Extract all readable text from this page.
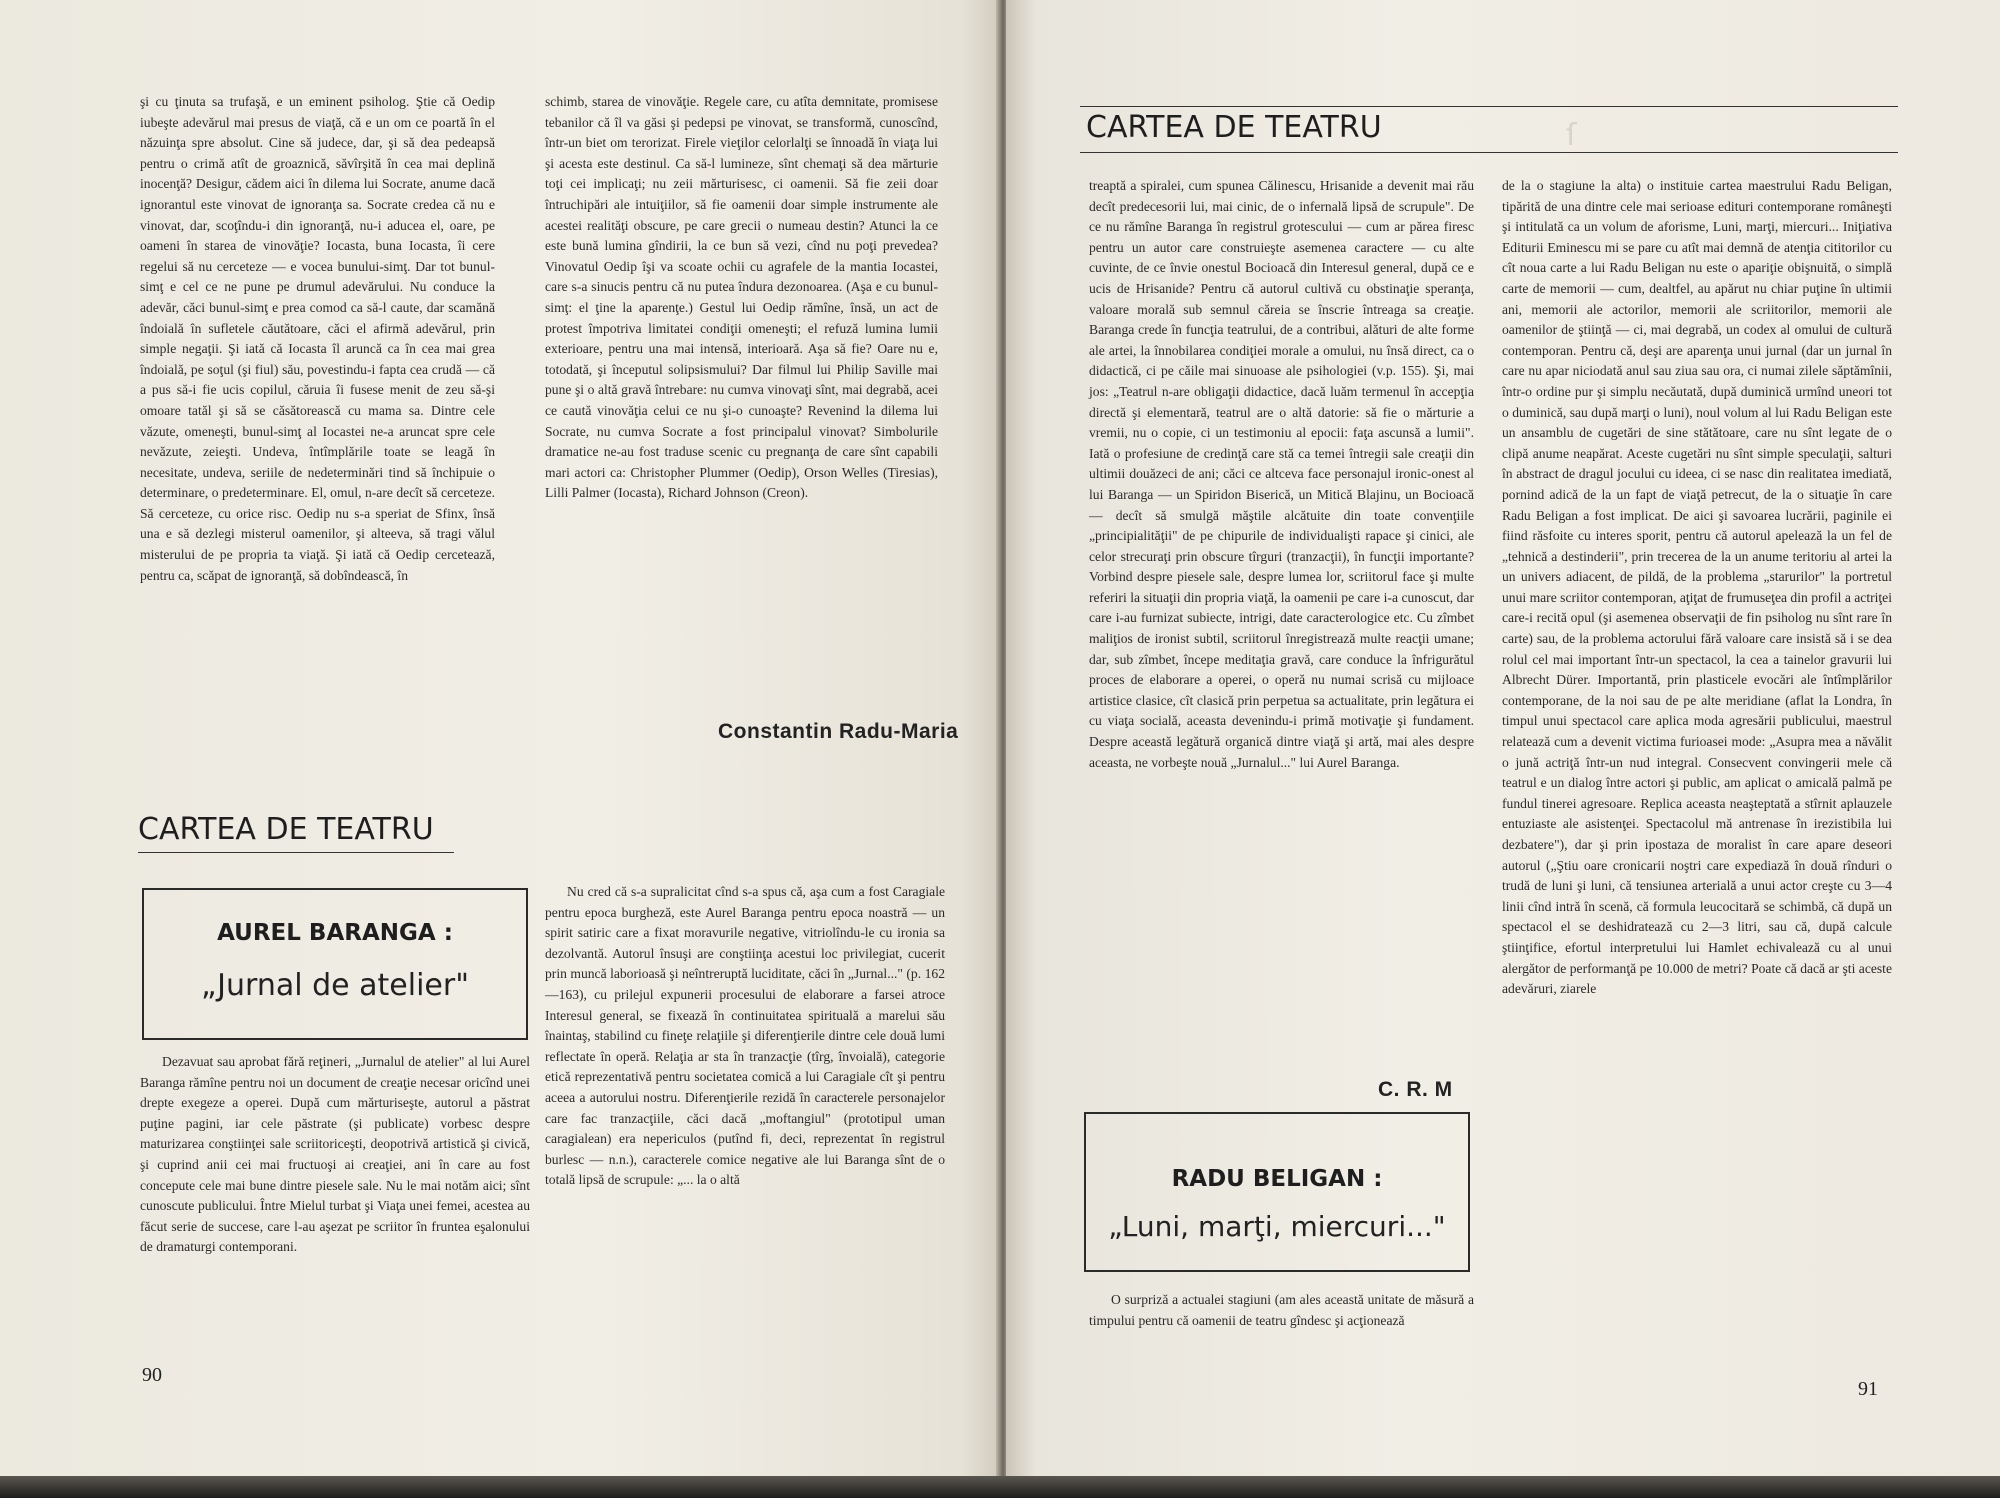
şi cu ţinuta sa trufaşă, e un eminent psiholog. Ştie că Oedip iubeşte adevărul mai presus de viaţă, că e un om ce poartă în el năzuinţa spre absolut. Cine să judece, dar, şi să dea pedeapsă pentru o crimă atît de groaznică, săvîrşită în cea mai deplină inocenţă? Desigur, cădem aici în dilema lui Socrate, anume dacă ignorantul este vinovat de ignoranţa sa. Socrate credea că nu e vinovat, dar, scoţîndu-i din ignoranţă, nu-i aducea el, oare, pe oameni în starea de vinovăţie? Iocasta, buna Iocasta, îi cere regelui să nu cerceteze — e vocea bunului-simţ. Dar tot bunul-simţ e cel ce ne pune pe drumul adevărului. Nu conduce la adevăr, căci bunul-simţ e prea comod ca să-l caute, dar scamănă îndoială în sufletele căutătoare, căci el afirmă adevărul, prin simple negaţii. Şi iată că Iocasta îl aruncă ca în cea mai grea îndoială, pe soţul (şi fiul) său, povestindu-i fapta cea crudă — că a pus să-i fie ucis copilul, căruia îi fusese menit de zeu să-şi omoare tatăl şi să se căsătorească cu mama sa. Dintre cele văzute, omeneşti, bunul-simţ al Iocastei ne-a aruncat spre cele nevăzute, zeieşti. Undeva, întîmplările toate se leagă în necesitate, undeva, seriile de nedeterminări tind să închipuie o determinare, o predeterminare. El, omul, n-are decît să cerceteze. Să cerceteze, cu orice risc. Oedip nu s-a speriat de Sfinx, însă una e să dezlegi misterul oamenilor, şi alteeva, să tragi vălul misterului de pe propria ta viaţă. Şi iată că Oedip cercetează, pentru ca, scăpat de ignoranţă, să dobîndească, în

schimb, starea de vinovăţie. Regele care, cu atîta demnitate, promisese tebanilor că îl va găsi şi pedepsi pe vinovat, se transformă, cunoscînd, într-un biet om terorizat. Firele vieţilor celorlalţi se înnoadă în viaţa lui şi acesta este destinul. Ca să-l lumineze, sînt chemaţi să dea mărturie toţi cei implicaţi; nu zeii mărturisesc, ci oamenii. Să fie zeii doar întruchipări ale intuiţiilor, să fie oamenii doar simple instrumente ale acestei realităţi obscure, pe care grecii o numeau destin? Atunci la ce este bună lumina gîndirii, la ce bun să vezi, cînd nu poţi prevedea? Vinovatul Oedip îşi va scoate ochii cu agrafele de la mantia Iocastei, care s-a sinucis pentru că nu putea îndura dezonoarea. (Aşa e cu bunul-simţ: el ţine la aparenţe.) Gestul lui Oedip rămîne, însă, un act de protest împotriva limitatei condiţii omeneşti; el refuză lumina lumii exterioare, pentru una mai intensă, interioară. Aşa să fie? Oare nu e, totodată, şi începutul solipsismului? Dar filmul lui Philip Saville mai pune şi o altă gravă întrebare: nu cumva vinovaţi sînt, mai degrabă, acei ce caută vinovăţia celui ce nu şi-o cunoaşte? Revenind la dilema lui Socrate, nu cumva Socrate a fost principalul vinovat? Simbolurile dramatice ne-au fost traduse scenic cu pregnanţa de care sînt capabili mari actori ca: Christopher Plummer (Oedip), Orson Welles (Tiresias), Lilli Palmer (Iocasta), Richard Johnson (Creon).

Constantin Radu-Maria
CARTEA DE TEATRU
AUREL BARANGA :
„Jurnal de atelier"

Dezavuat sau aprobat fără reţineri, „Jurnalul de atelier" al lui Aurel Baranga rămîne pentru noi un document de creaţie necesar oricînd unei drepte exegeze a operei. După cum mărturiseşte, autorul a păstrat puţine pagini, iar cele păstrate (şi publicate) vorbesc despre maturizarea conştiinţei sale scriitoriceşti, deopotrivă artistică şi civică, şi cuprind anii cei mai fructuoşi ai creaţiei, ani în care au fost concepute cele mai bune dintre piesele sale. Nu le mai notăm aici; sînt cunoscute publicului. Între Mielul turbat şi Viaţa unei femei, acestea au făcut serie de succese, care l-au aşezat pe scriitor în fruntea eşalonului de dramaturgi contemporani.

Nu cred că s-a supralicitat cînd s-a spus că, aşa cum a fost Caragiale pentru epoca burgheză, este Aurel Baranga pentru epoca noastră — un spirit satiric care a fixat moravurile negative, vitriolîndu-le cu ironia sa dezolvantă. Autorul însuşi are conştiinţa acestui loc privilegiat, cucerit prin muncă laborioasă şi neîntreruptă luciditate, căci în „Jurnal..." (p. 162—163), cu prilejul expunerii procesului de elaborare a farsei atroce Interesul general, se fixează în continuitatea spirituală a marelui său înaintaş, stabilind cu fineţe relaţiile şi diferenţierile dintre cele două lumi reflectate în operă. Relaţia ar sta în tranzacţie (tîrg, învoială), categorie etică reprezentativă pentru societatea comică a lui Caragiale cît şi pentru aceea a autorului nostru. Diferenţierile rezidă în caracterele personajelor care fac tranzacţiile, căci dacă „moftangiul" (prototipul uman caragialean) era nepericulos (putînd fi, deci, reprezentat în registrul burlesc — n.n.), caracterele comice negative ale lui Baranga sînt de o totală lipsă de scrupule: „... la o altă

90
CARTEA DE TEATRU	ſ

treaptă a spiralei, cum spunea Călinescu, Hrisanide a devenit mai rău decît predecesorii lui, mai cinic, de o infernală lipsă de scrupule". De ce nu rămîne Baranga în registrul grotescului — cum ar părea firesc pentru un autor care construieşte asemenea caractere — cu alte cuvinte, de ce învie onestul Bocioacă din Interesul general, după ce e ucis de Hrisanide? Pentru că autorul cultivă cu obstinaţie speranţa, valoare morală sub semnul căreia se înscrie întreaga sa creaţie. Baranga crede în funcţia teatrului, de a contribui, alături de alte forme ale artei, la înnobilarea condiţiei morale a omului, nu însă direct, ca o didactică, ci pe căile mai sinuoase ale psihologiei (v.p. 155). Şi, mai jos: „Teatrul n-are obligaţii didactice, dacă luăm termenul în accepţia directă şi elementară, teatrul are o altă datorie: să fie o mărturie a vremii, nu o copie, ci un testimoniu al epocii: faţa ascunsă a lumii". Iată o profesiune de credinţă care stă ca temei întregii sale creaţii din ultimii douăzeci de ani; căci ce altceva face personajul ironic-onest al lui Baranga — un Spiridon Biserică, un Mitică Blajinu, un Bocioacă — decît să smulgă măştile alcătuite din toate convenţiile „principialităţii" de pe chipurile de individualişti rapace şi cinici, ale celor strecuraţi prin obscure tîrguri (tranzacţii), în funcţii importante? Vorbind despre piesele sale, despre lumea lor, scriitorul face şi multe referiri la situaţii din propria viaţă, la oamenii pe care i-a cunoscut, dar care i-au furnizat subiecte, intrigi, date caracterologice etc. Cu zîmbet maliţios de ironist subtil, scriitorul înregistrează multe reacţii umane; dar, sub zîmbet, începe meditaţia gravă, care conduce la înfrigurătul proces de elaborare a operei, o operă nu numai scrisă cu mijloace artistice clasice, cît clasică prin perpetua sa actualitate, prin legătura ei cu viaţa socială, aceasta devenindu-i primă motivaţie şi fundament. Despre această legătură organică dintre viaţă şi artă, mai ales despre aceasta, ne vorbeşte nouă „Jurnalul..." lui Aurel Baranga.

C. R. M
RADU BELIGAN :
„Luni, marţi, miercuri..."

O surpriză a actualei stagiuni (am ales această unitate de măsură a timpului pentru că oamenii de teatru gîndesc şi acţionează

de la o stagiune la alta) o instituie cartea maestrului Radu Beligan, tipărită de una dintre cele mai serioase edituri contemporane româneşti şi intitulată ca un volum de aforisme, Luni, marţi, miercuri... Iniţiativa Editurii Eminescu mi se pare cu atît mai demnă de atenţia cititorilor cu cît noua carte a lui Radu Beligan nu este o apariţie obişnuită, o simplă carte de memorii — cum, dealtfel, au apărut nu chiar puţine în ultimii ani, memorii ale actorilor, memorii ale scriitorilor, memorii ale oamenilor de ştiinţă — ci, mai degrabă, un codex al omului de cultură contemporan. Pentru că, deşi are aparenţa unui jurnal (dar un jurnal în care nu apar niciodată anul sau ziua sau ora, ci numai zilele săptămînii, într-o ordine pur şi simplu necăutată, după duminică urmînd uneori tot o duminică, sau după marţi o luni), noul volum al lui Radu Beligan este un ansamblu de cugetări de sine stătătoare, care nu sînt legate de o clipă anume neapărat. Aceste cugetări nu sînt simple speculaţii, salturi în abstract de dragul jocului cu ideea, ci se nasc din realitatea imediată, pornind adică de la un fapt de viaţă petrecut, de la o situaţie în care Radu Beligan a fost implicat. De aici şi savoarea lucrării, paginile ei fiind răsfoite cu interes sporit, pentru că autorul apelează la un fel de „tehnică a destinderii", prin trecerea de la un anume teritoriu al artei la un univers adiacent, de pildă, de la problema „starurilor" la portretul unui mare scriitor contemporan, aţiţat de frumuseţea din profil a actriţei care-i recită opul (şi asemenea observaţii de fin psiholog nu sînt rare în carte) sau, de la problema actorului fără valoare care insistă să i se dea rolul cel mai important într-un spectacol, la cea a tainelor gravurii lui Albrecht Dürer. Importantă, prin plasticele evocări ale întîmplărilor contemporane, de la noi sau de pe alte meridiane (aflat la Londra, în timpul unui spectacol care aplica moda agresării publicului, maestrul relatează cum a devenit victima furioasei mode: „Asupra mea a năvălit o jună actriţă într-un nud integral. Consecvent convingerii mele că teatrul e un dialog între actori şi public, am aplicat o amicală palmă pe fundul tinerei agresoare. Replica aceasta neaşteptată a stîrnit aplauzele entuziaste ale asistenţei. Spectacolul mă antrenase în irezistibila lui dezbatere"), dar şi prin ipostaza de moralist în care apare deseori autorul („Ştiu oare cronicarii noştri care expediază în două rînduri o trudă de luni şi luni, că tensiunea arterială a unui actor creşte cu 3—4 linii cînd intră în scenă, că formula leucocitară se schimbă, că după un spectacol el se deshidratează cu 2—3 litri, sau că, după calcule ştiinţifice, efortul interpretului lui Hamlet echivalează cu al unui alergător de performanţă pe 10.000 de metri? Poate că dacă ar şti aceste adevăruri, ziarele

91
